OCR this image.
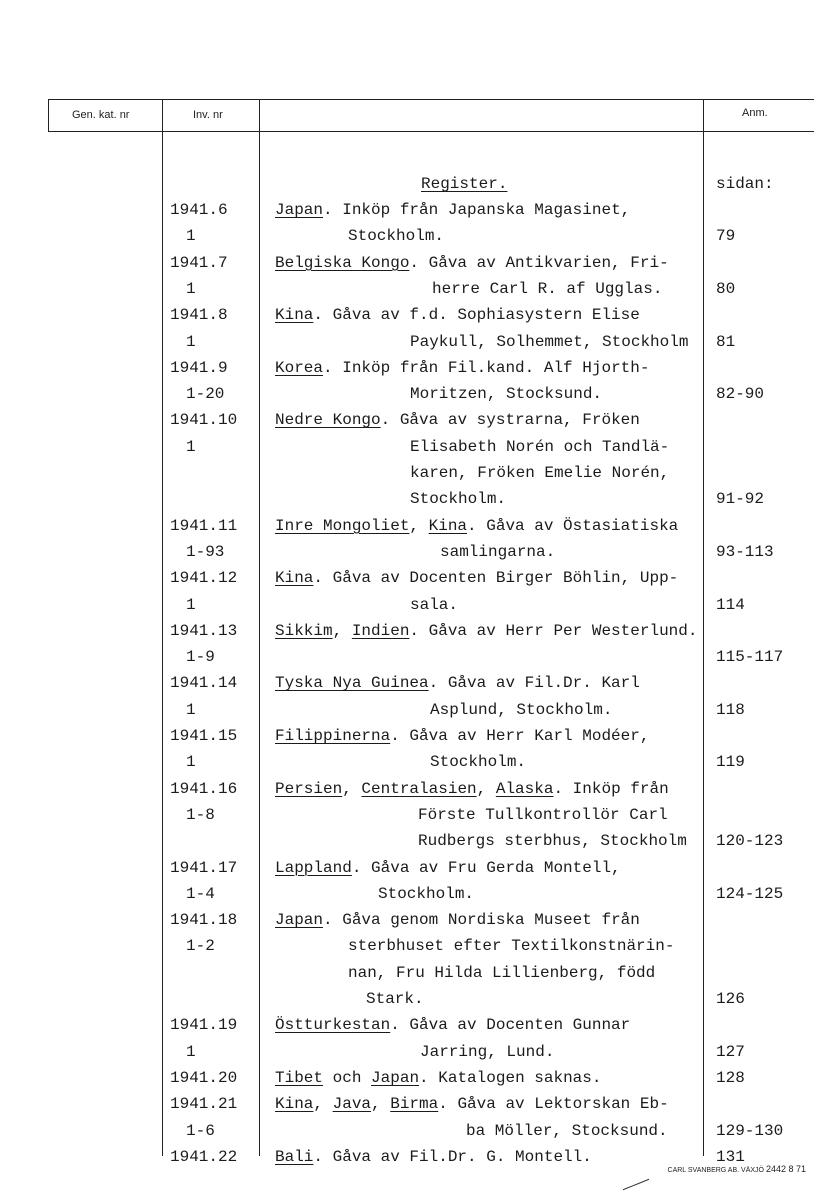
Gen. kat. nr	Inv. nr	Anm.
Register.	sidan:
1941.6	Japan. Inköp från Japanska Magasinet,
1	Stockholm.	79
1941.7	Belgiska Kongo. Gåva av Antikvarien, Fri-
1	herre Carl R. af Ugglas.	80
1941.8	Kina. Gåva av f.d. Sophiasystern Elise
1	Paykull, Solhemmet, Stockholm 81
1941.9	Korea. Inköp från Fil.kand. Alf Hjorth-
1-20	Moritzen, Stocksund.	82-90
1941.10 Nedre Kongo. Gåva av systrarna, Fröken
1	Elisabeth Norén och Tandlä-
karen, Fröken Emelie Norén,
Stockholm.	91-92
1941.11 Inre Mongoliet, Kina. Gåva av Östasiatiska
1-93	samlingarna.	93-113
1941.12 Kina. Gåva av Docenten Birger Böhlin, Upp-
1	sala.	114
1941.13 Sikkim, Indien. Gåva av Herr Per Westerlund.
1-9	115-117
1941.14 Tyska Nya Guinea. Gåva av Fil.Dr. Karl
1	Asplund, Stockholm.	118
1941.15 Filippinerna. Gåva av Herr Karl Modéer,
1	Stockholm.	119
1941.16 Persien, Centralasien, Alaska. Inköp från
1-8	Förste Tullkontrollör Carl
Rudbergs sterbhus, Stockholm 120-123
1941.17 Lappland. Gåva av Fru Gerda Montell,
1-4	Stockholm.	124-125
1941.18 Japan. Gåva genom Nordiska Museet från
1-2	sterbhuset efter Textilkonstnärin-
nan, Fru Hilda Lillienberg, född
Stark.	126
1941.19 Östturkestan. Gåva av Docenten Gunnar
1	Jarring, Lund.	127
1941.20 Tibet och Japan. Katalogen saknas.	128
1941.21 Kina, Java, Birma. Gåva av Lektorskan Eb-
1-6	ba Möller, Stocksund.	129-130
1941.22 Bali. Gåva av Fil.Dr. G. Montell.	131
CARL SVANBERG AB. VÄXJÖ 2442 8 71
